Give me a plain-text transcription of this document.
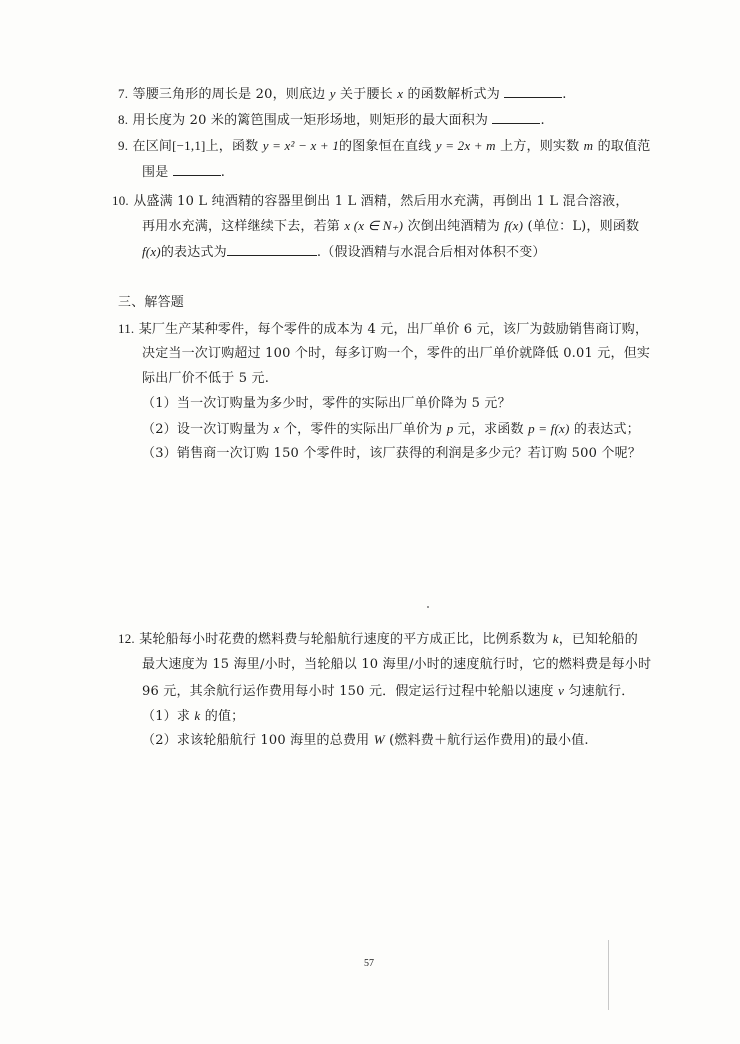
7. 等腰三角形的周长是 20，则底边 y 关于腰长 x 的函数解析式为	.
8. 用长度为 20 米的篱笆围成一矩形场地，则矩形的最大面积为	.
9. 在区间[−1,1]上，函数 y = x² − x + 1的图象恒在直线 y = 2x + m 上方，则实数 m 的取值范
围是	.
10. 从盛满 10 L 纯酒精的容器里倒出 1 L 酒精，然后用水充满，再倒出 1 L 混合溶液，
再用水充满，这样继续下去，若第 x (x ∈ N₊) 次倒出纯酒精为 f(x) (单位：L)，则函数
f(x)的表达式为	.（假设酒精与水混合后相对体积不变）
三、解答题
11. 某厂生产某种零件，每个零件的成本为 4 元，出厂单价 6 元，该厂为鼓励销售商订购，
决定当一次订购超过 100 个时，每多订购一个，零件的出厂单价就降低 0.01 元，但实
际出厂价不低于 5 元.
（1）当一次订购量为多少时，零件的实际出厂单价降为 5 元？
（2）设一次订购量为 x 个，零件的实际出厂单价为 p 元，求函数 p = f(x) 的表达式；
（3）销售商一次订购 150 个零件时，该厂获得的利润是多少元？若订购 500 个呢？
12. 某轮船每小时花费的燃料费与轮船航行速度的平方成正比，比例系数为 k，已知轮船的
最大速度为 15 海里/小时，当轮船以 10 海里/小时的速度航行时，它的燃料费是每小时
96 元，其余航行运作费用每小时 150 元．假定运行过程中轮船以速度 v 匀速航行．
（1）求 k 的值；
（2）求该轮船航行 100 海里的总费用 W (燃料费＋航行运作费用)的最小值.
57
